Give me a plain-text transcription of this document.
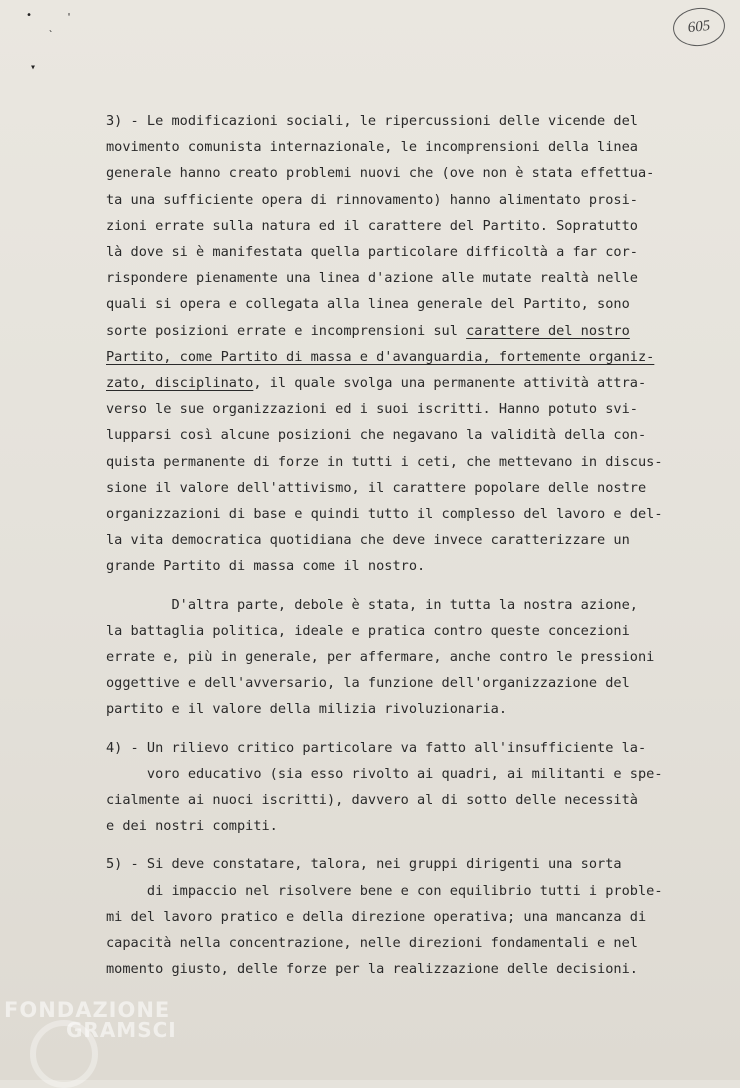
•	'
`
▾
605
3) - Le modificazioni sociali, le ripercussioni delle vicende del
movimento comunista internazionale, le incomprensioni della linea
generale hanno creato problemi nuovi che (ove non è stata effettua-
ta una sufficiente opera di rinnovamento) hanno alimentato prosi-
zioni errate sulla natura ed il carattere del Partito. Sopratutto
là dove si è manifestata quella particolare difficoltà a far cor-
rispondere pienamente una linea d'azione alle mutate realtà nelle
quali si opera e collegata alla linea generale del Partito, sono
sorte posizioni errate e incomprensioni sul carattere del nostro
Partito, come Partito di massa e d'avanguardia, fortemente organiz-
zato, disciplinato, il quale svolga una permanente attività attra-
verso le sue organizzazioni ed i suoi iscritti. Hanno potuto svi-
lupparsi così alcune posizioni che negavano la validità della con-
quista permanente di forze in tutti i ceti, che mettevano in discus-
sione il valore dell'attivismo, il carattere popolare delle nostre
organizzazioni di base e quindi tutto il complesso del lavoro e del-
la vita democratica quotidiana che deve invece caratterizzare un
grande Partito di massa come il nostro.
D'altra parte, debole è stata, in tutta la nostra azione,
la battaglia politica, ideale e pratica contro queste concezioni
errate e, più in generale, per affermare, anche contro le pressioni
oggettive e dell'avversario, la funzione dell'organizzazione del
partito e il valore della milizia rivoluzionaria.
4) - Un rilievo critico particolare va fatto all'insufficiente la-
voro educativo (sia esso rivolto ai quadri, ai militanti e spe-
cialmente ai nuoci iscritti), davvero al di sotto delle necessità
e dei nostri compiti.
5) - Si deve constatare, talora, nei gruppi dirigenti una sorta
di impaccio nel risolvere bene e con equilibrio tutti i proble-
mi del lavoro pratico e della direzione operativa; una mancanza di
capacità nella concentrazione, nelle direzioni fondamentali e nel
momento giusto, delle forze per la realizzazione delle decisioni.
FONDAZIONE
GRAMSCI
